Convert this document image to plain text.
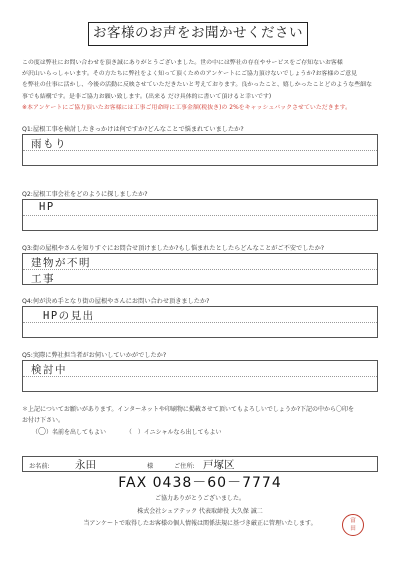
お客様のお声をお聞かせください

この度は弊社にお問い合わせを頂き誠にありがとうございました。世の中には弊社の存在やサービスをご存知ないお客様

が沢山いらっしゃいます。その方たちに弊社をよく知って頂くためのアンケートにご協力頂けないでしょうか?お客様のご意見

を弊社の仕事に活かし、今後の活動に反映させていただきたいと考えております。良かったこと、嬉しかったことどのような些細な

事でも結構です。是非ご協力お願い致します。(出来る だけ具体的に書いて頂けると幸いです)

※本アンケートにご協力頂いたお客様には工事ご用命時に工事金額(税抜き)の 2%をキャッシュバックさせていただきます。

Q1:屋根工事を検討したきっかけは何ですか?どんなことで悩まれていましたか?
雨もり
Q2:屋根工事会社をどのように探しましたか?
HP
Q3:街の屋根やさんを知りすぐにお問合せ頂けましたか?もし悩まれたとしたらどんなことがご不安でしたか?
建物が不明
工事
Q4:何が決め手となり街の屋根やさんにお問い合わせ頂きましたか?
HPの見出
Q5:実際に弊社担当者がお伺いしていかがでしたか?
検討中
＊上記についてお願いがあります。インターネットや印刷物に掲載させて頂いてもよろしいでしょうか?下記の中から〇印を
お付け下さい。
（〇）名前を出してもよい	（　）イニシャルなら出してもよい
お名前: 永田	様	ご住所: 戸塚区
FAX 0438－60－7774
ご協力ありがとうございました。
株式会社シェアテック 代表取締役 大久保 誠二
当アンケートで取得したお客様の個人情報は関係法規に基づき厳正に管理いたします。	富
田
